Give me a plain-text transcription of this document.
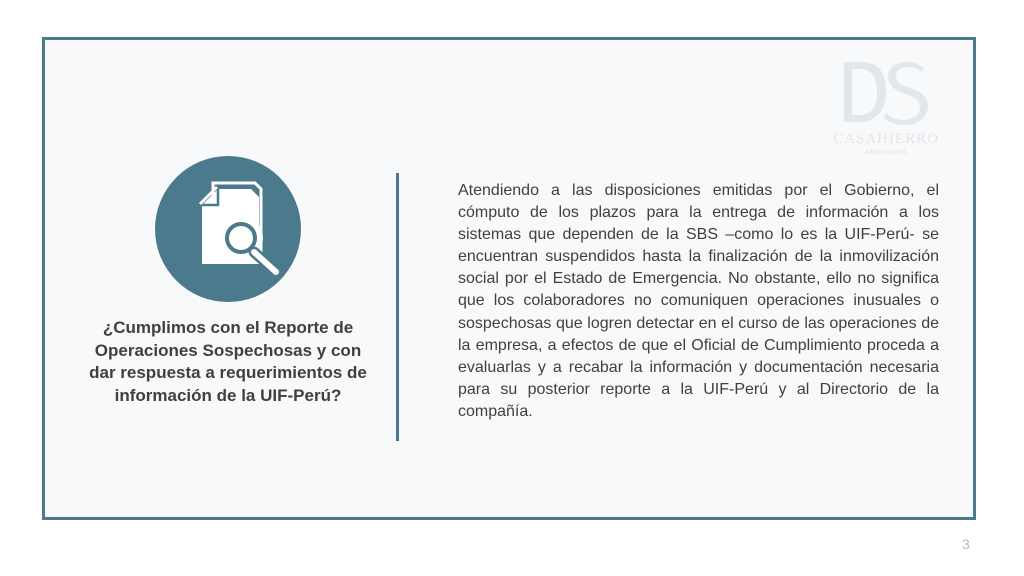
CASAHIERRO
ABOGADOS
¿Cumplimos con el Reporte de Operaciones Sospechosas y con dar respuesta a requerimientos de información de la UIF-Perú?
Atendiendo a las disposiciones emitidas por el Gobierno, el cómputo de los plazos para la entrega de información a los sistemas que dependen de la SBS –como lo es la UIF-Perú- se encuentran suspendidos hasta la finalización de la inmovilización social por el Estado de Emergencia. No obstante, ello no significa que los colaboradores no comuniquen operaciones inusuales o sospechosas que logren detectar en el curso de las operaciones de la empresa, a efectos de que el Oficial de Cumplimiento proceda a evaluarlas y a recabar la información y documentación necesaria para su posterior reporte a la UIF-Perú y al Directorio de la compañía.
3
